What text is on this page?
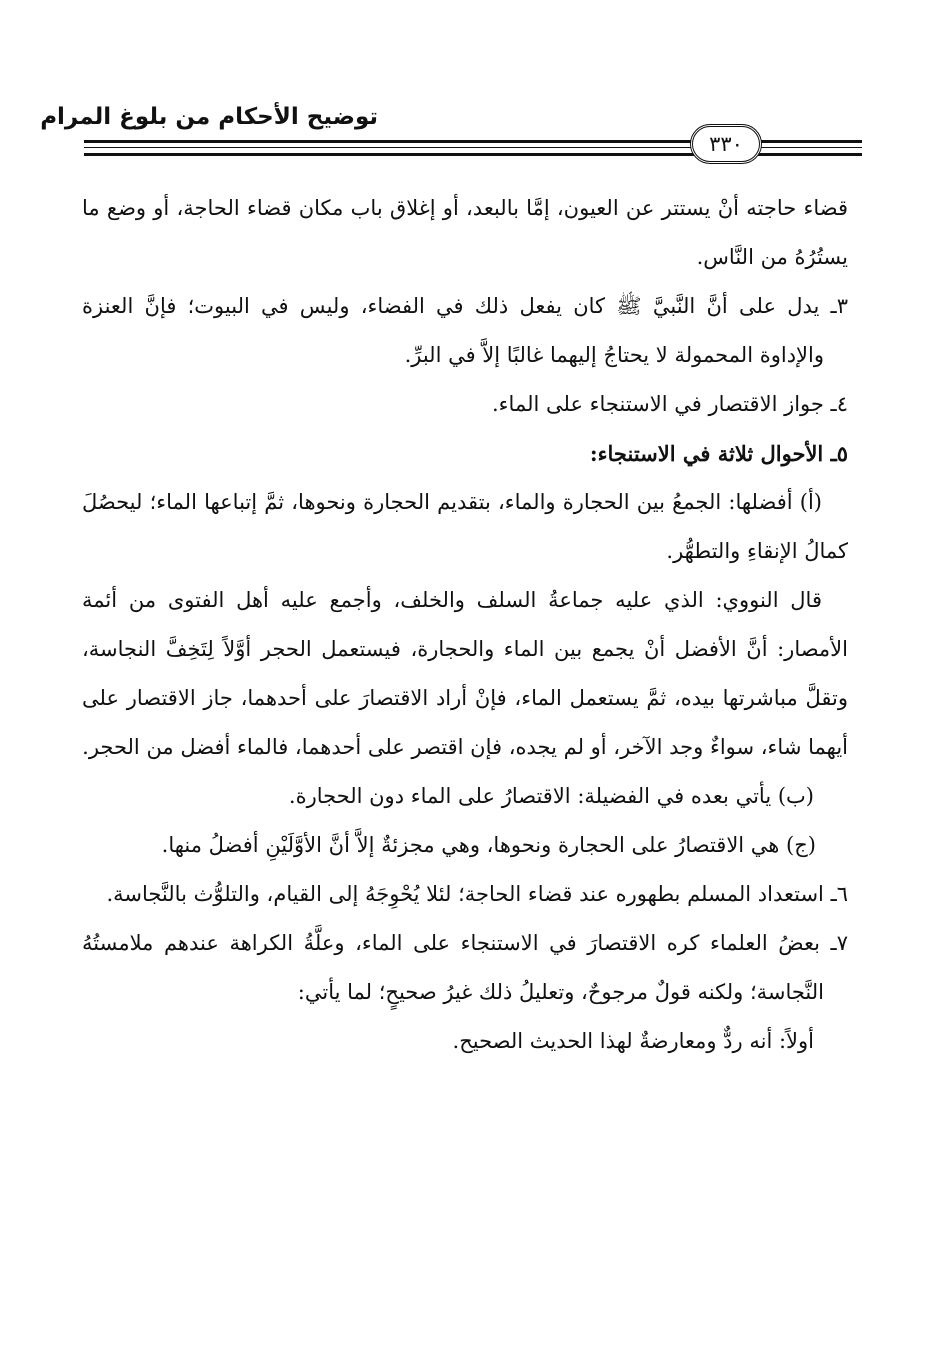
توضيح الأحكام من بلوغ المرام
٣٣٠

قضاء حاجته أنْ يستتر عن العيون، إمَّا بالبعد، أو إغلاق باب مكان قضاء الحاجة، أو وضع ما يستُرُهُ من النَّاس.

٣ـ يدل على أنَّ النَّبيَّ ﷺ كان يفعل ذلك في الفضاء، وليس في البيوت؛ فإنَّ العنزة والإداوة المحمولة لا يحتاجُ إليهما غالبًا إلاَّ في البرِّ.

٤ـ جواز الاقتصار في الاستنجاء على الماء.

٥ـ الأحوال ثلاثة في الاستنجاء:

(أ) أفضلها: الجمعُ بين الحجارة والماء، بتقديم الحجارة ونحوها، ثمَّ إتباعها الماء؛ ليحصُلَ كمالُ الإنقاءِ والتطهُّر.

قال النووي: الذي عليه جماعةُ السلف والخلف، وأجمع عليه أهل الفتوى من أئمة الأمصار: أنَّ الأفضل أنْ يجمع بين الماء والحجارة، فيستعمل الحجر أوَّلاً لِتَخِفَّ النجاسة، وتقلَّ مباشرتها بيده، ثمَّ يستعمل الماء، فإنْ أراد الاقتصارَ على أحدهما، جاز الاقتصار على أيهما شاء، سواءٌ وجد الآخر، أو لم يجده، فإن اقتصر على أحدهما، فالماء أفضل من الحجر.

(ب) يأتي بعده في الفضيلة: الاقتصارُ على الماء دون الحجارة.

(ج) هي الاقتصارُ على الحجارة ونحوها، وهي مجزئةٌ إلاَّ أنَّ الأوَّلَيْنِ أفضلُ منها.

٦ـ استعداد المسلم بطهوره عند قضاء الحاجة؛ لئلا يُحْوِجَهُ إلى القيام، والتلوُّث بالنَّجاسة.

٧ـ بعضُ العلماء كره الاقتصارَ في الاستنجاء على الماء، وعلَّةُ الكراهة عندهم ملامستُهُ النَّجاسة؛ ولكنه قولٌ مرجوحٌ، وتعليلُ ذلك غيرُ صحيحٍ؛ لما يأتي:

أولاً: أنه ردٌّ ومعارضةٌ لهذا الحديث الصحيح.
